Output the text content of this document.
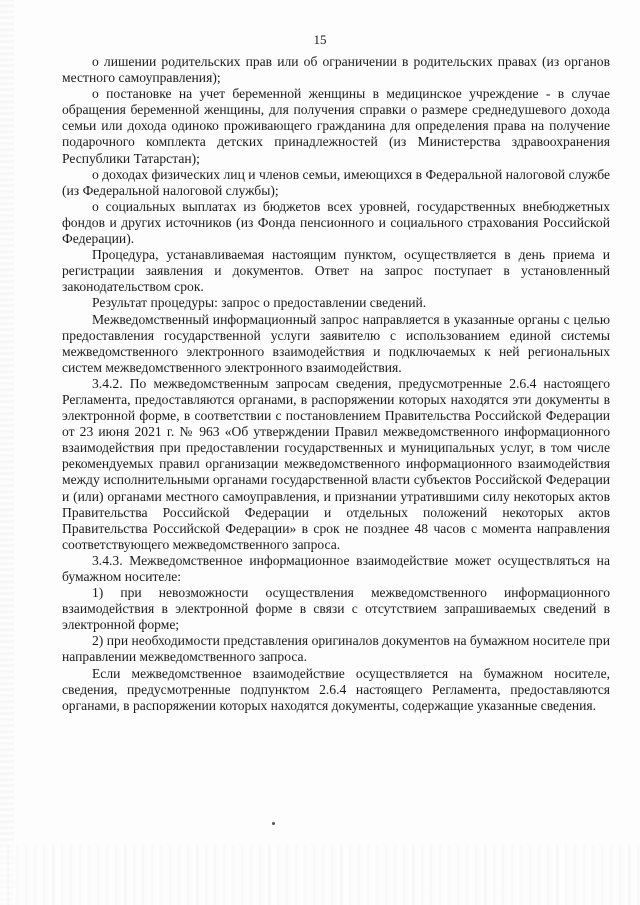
15

о лишении родительских прав или об ограничении в родительских правах (из органов местного самоуправления);

о постановке на учет беременной женщины в медицинское учреждение - в случае обращения беременной женщины, для получения справки о размере среднедушевого дохода семьи или дохода одиноко проживающего гражданина для определения права на получение подарочного комплекта детских принадлежностей (из Министерства здравоохранения Республики Татарстан);

о доходах физических лиц и членов семьи, имеющихся в Федеральной налоговой службе (из Федеральной налоговой службы);

о социальных выплатах из бюджетов всех уровней, государственных внебюджетных фондов и других источников (из Фонда пенсионного и социального страхования Российской Федерации).

Процедура, устанавливаемая настоящим пунктом, осуществляется в день приема и регистрации заявления и документов. Ответ на запрос поступает в установленный законодательством срок.

Результат процедуры: запрос о предоставлении сведений.

Межведомственный информационный запрос направляется в указанные органы с целью предоставления государственной услуги заявителю с использованием единой системы межведомственного электронного взаимодействия и подключаемых к ней региональных систем межведомственного электронного взаимодействия.

3.4.2. По межведомственным запросам сведения, предусмотренные 2.6.4 настоящего Регламента, предоставляются органами, в распоряжении которых находятся эти документы в электронной форме, в соответствии с постановлением Правительства Российской Федерации от 23 июня 2021 г. № 963 «Об утверждении Правил межведомственного информационного взаимодействия при предоставлении государственных и муниципальных услуг, в том числе рекомендуемых правил организации межведомственного информационного взаимодействия между исполнительными органами государственной власти субъектов Российской Федерации и (или) органами местного самоуправления, и признании утратившими силу некоторых актов Правительства Российской Федерации и отдельных положений некоторых актов Правительства Российской Федерации» в срок не позднее 48 часов с момента направления соответствующего межведомственного запроса.

3.4.3. Межведомственное информационное взаимодействие может осуществляться на бумажном носителе:

1) при невозможности осуществления межведомственного информационного взаимодействия в электронной форме в связи с отсутствием запрашиваемых сведений в электронной форме;

2) при необходимости представления оригиналов документов на бумажном носителе при направлении межведомственного запроса.

Если межведомственное взаимодействие осуществляется на бумажном носителе, сведения, предусмотренные подпунктом 2.6.4 настоящего Регламента, предоставляются органами, в распоряжении которых находятся документы, содержащие указанные сведения.
